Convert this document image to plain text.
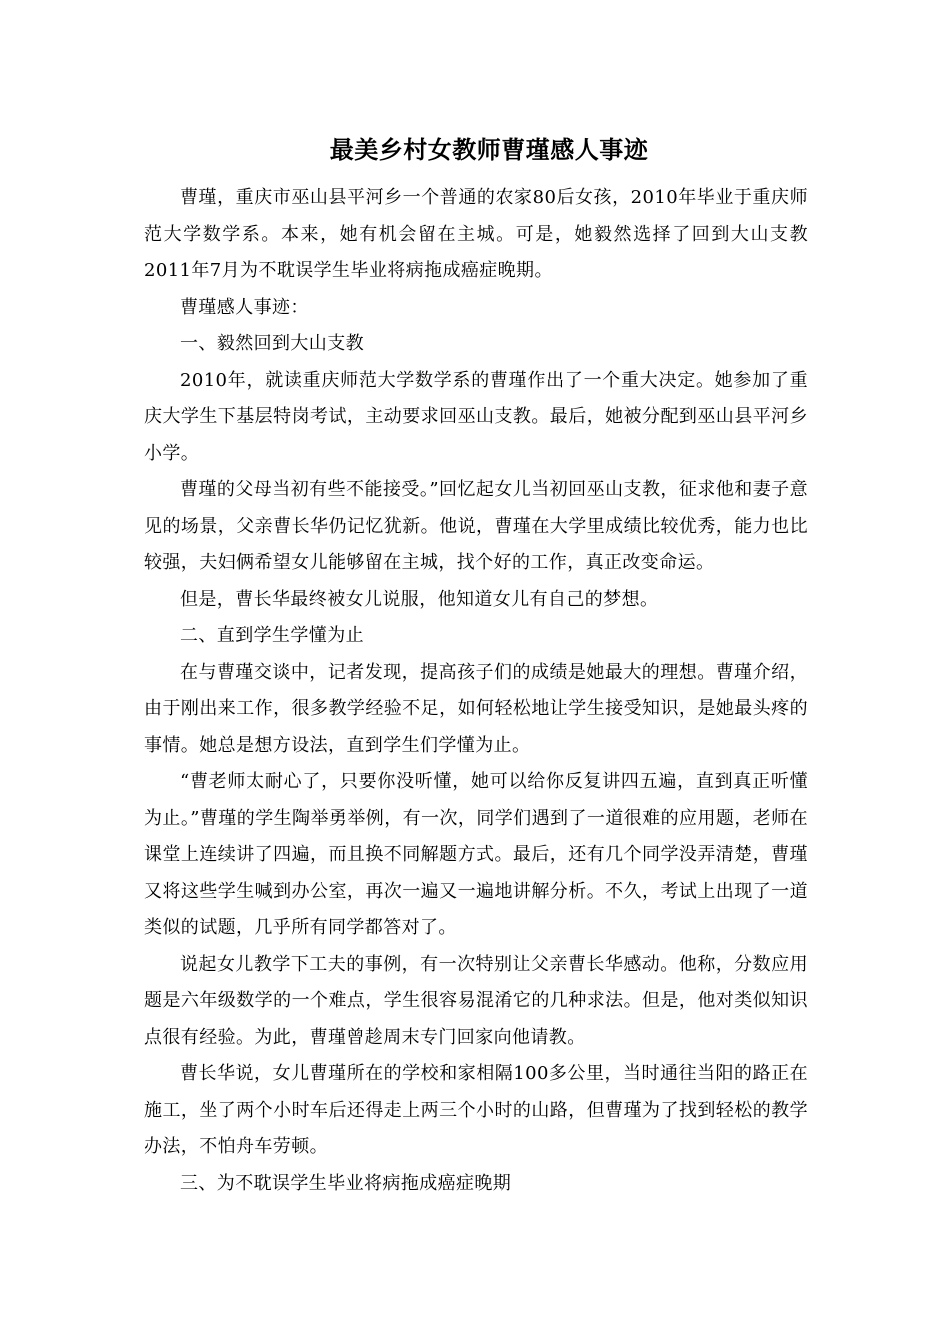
最美乡村女教师曹瑾感人事迹
曹瑾，重庆市巫山县平河乡一个普通的农家80后女孩，2010年毕业于重庆师范大学数学系。本来，她有机会留在主城。可是，她毅然选择了回到大山支教2011年7月为不耽误学生毕业将病拖成癌症晚期。
曹瑾感人事迹：
一、毅然回到大山支教
2010年，就读重庆师范大学数学系的曹瑾作出了一个重大决定。她参加了重庆大学生下基层特岗考试，主动要求回巫山支教。最后，她被分配到巫山县平河乡小学。
曹瑾的父母当初有些不能接受。”回忆起女儿当初回巫山支教，征求他和妻子意见的场景，父亲曹长华仍记忆犹新。他说，曹瑾在大学里成绩比较优秀，能力也比较强，夫妇俩希望女儿能够留在主城，找个好的工作，真正改变命运。
但是，曹长华最终被女儿说服，他知道女儿有自己的梦想。
二、直到学生学懂为止
在与曹瑾交谈中，记者发现，提高孩子们的成绩是她最大的理想。曹瑾介绍，由于刚出来工作，很多教学经验不足，如何轻松地让学生接受知识，是她最头疼的事情。她总是想方设法，直到学生们学懂为止。
“曹老师太耐心了，只要你没听懂，她可以给你反复讲四五遍，直到真正听懂为止。”曹瑾的学生陶举勇举例，有一次，同学们遇到了一道很难的应用题，老师在课堂上连续讲了四遍，而且换不同解题方式。最后，还有几个同学没弄清楚，曹瑾又将这些学生喊到办公室，再次一遍又一遍地讲解分析。不久，考试上出现了一道类似的试题，几乎所有同学都答对了。
说起女儿教学下工夫的事例，有一次特别让父亲曹长华感动。他称，分数应用题是六年级数学的一个难点，学生很容易混淆它的几种求法。但是，他对类似知识点很有经验。为此，曹瑾曾趁周末专门回家向他请教。
曹长华说，女儿曹瑾所在的学校和家相隔100多公里，当时通往当阳的路正在施工，坐了两个小时车后还得走上两三个小时的山路，但曹瑾为了找到轻松的教学办法，不怕舟车劳顿。
三、为不耽误学生毕业将病拖成癌症晚期
